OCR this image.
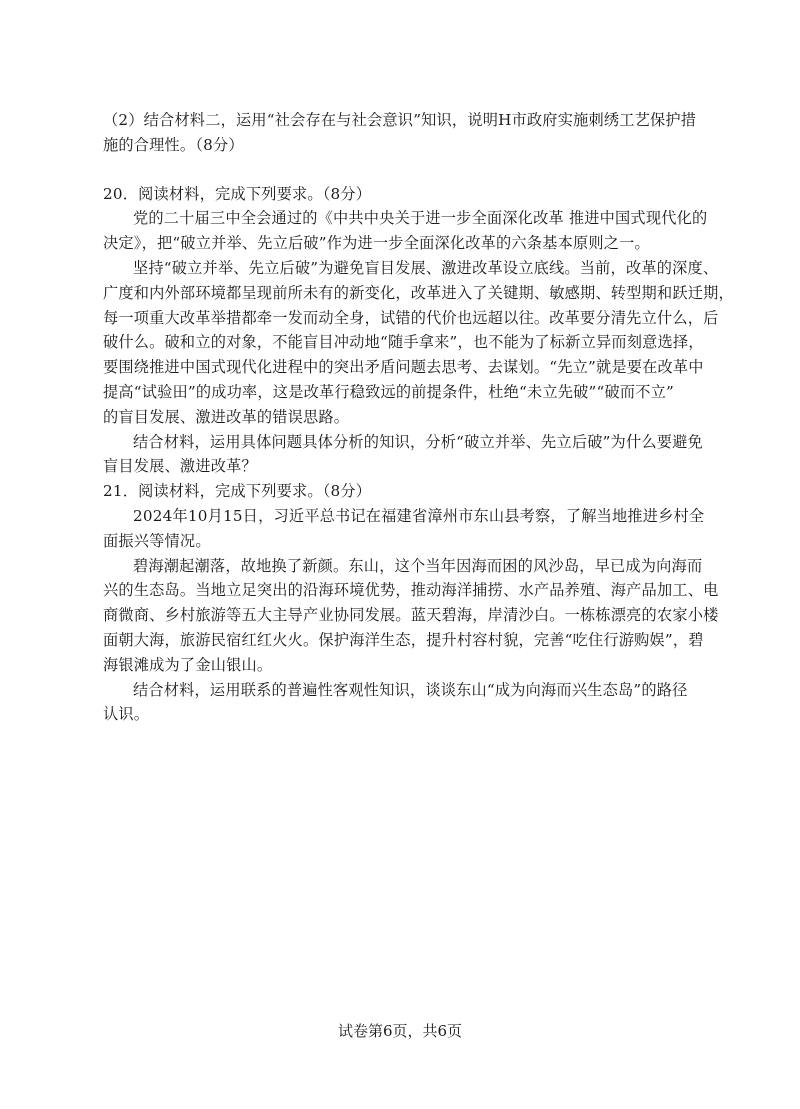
（2）结合材料二，运用“社会存在与社会意识”知识，说明H市政府实施刺绣工艺保护措
施的合理性。（8分）
20．阅读材料，完成下列要求。（8分）
党的二十届三中全会通过的《中共中央关于进一步全面深化改革 推进中国式现代化的
决定》，把“破立并举、先立后破”作为进一步全面深化改革的六条基本原则之一。
坚持“破立并举、先立后破”为避免盲目发展、激进改革设立底线。当前，改革的深度、
广度和内外部环境都呈现前所未有的新变化，改革进入了关键期、敏感期、转型期和跃迁期，
每一项重大改革举措都牵一发而动全身，试错的代价也远超以往。改革要分清先立什么，后
破什么。破和立的对象，不能盲目冲动地“随手拿来”，也不能为了标新立异而刻意选择，
要围绕推进中国式现代化进程中的突出矛盾问题去思考、去谋划。“先立”就是要在改革中
提高“试验田”的成功率，这是改革行稳致远的前提条件，杜绝“未立先破”“破而不立”
的盲目发展、激进改革的错误思路。
结合材料，运用具体问题具体分析的知识，分析“破立并举、先立后破”为什么要避免
盲目发展、激进改革？
21．阅读材料，完成下列要求。（8分）
2024年10月15日，习近平总书记在福建省漳州市东山县考察，了解当地推进乡村全
面振兴等情况。
碧海潮起潮落，故地换了新颜。东山，这个当年因海而困的风沙岛，早已成为向海而
兴的生态岛。当地立足突出的沿海环境优势，推动海洋捕捞、水产品养殖、海产品加工、电
商微商、乡村旅游等五大主导产业协同发展。蓝天碧海，岸清沙白。一栋栋漂亮的农家小楼
面朝大海，旅游民宿红红火火。保护海洋生态，提升村容村貌，完善“吃住行游购娱”，碧
海银滩成为了金山银山。
结合材料，运用联系的普遍性客观性知识，谈谈东山“成为向海而兴生态岛”的路径
认识。
试卷第6页，共6页
